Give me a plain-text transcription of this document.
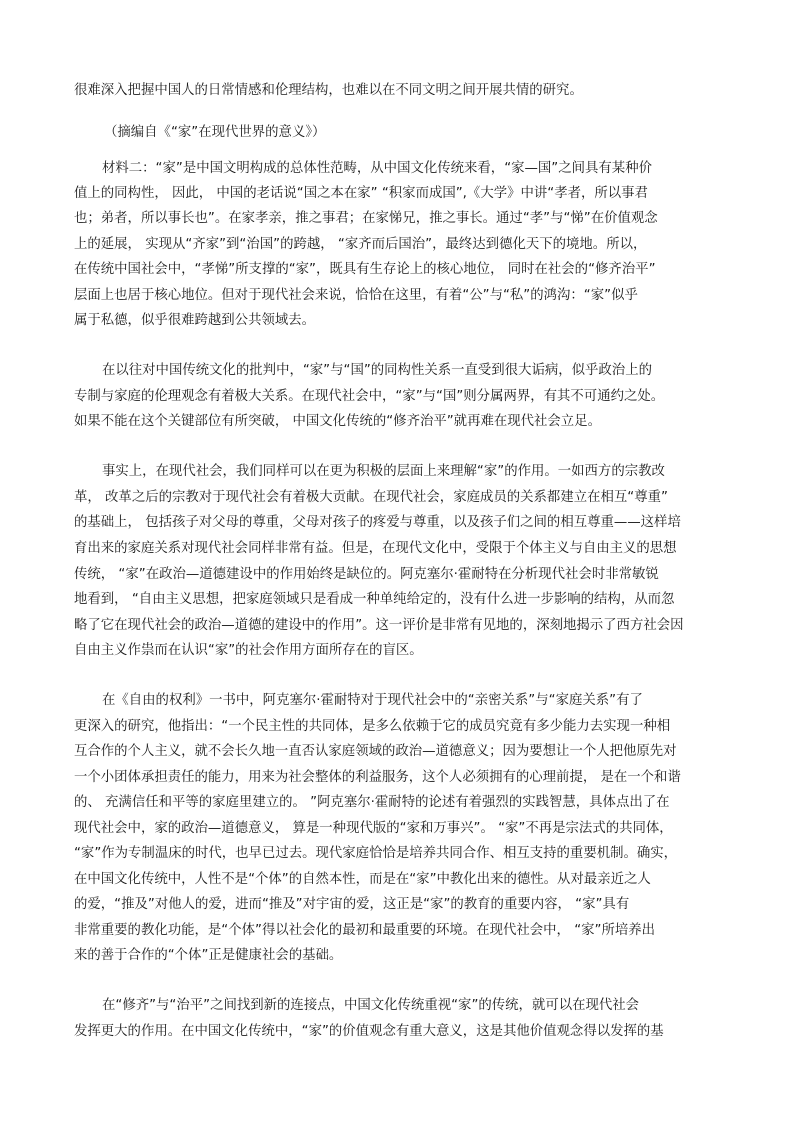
很难深入把握中国人的日常情感和伦理结构，也难以在不同文明之间开展共情的研究。
（摘编自《“家”在现代世界的意义》）
材料二：“家”是中国文明构成的总体性范畴，从中国文化传统来看，“家—国”之间具有某种价
值上的同构性， 因此， 中国的老话说“国之本在家” “积家而成国”,《大学》中讲“孝者，所以事君
也；弟者，所以事长也”。在家孝亲，推之事君；在家悌兄，推之事长。通过“孝”与“悌”在价值观念
上的延展， 实现从“齐家”到“治国”的跨越， “家齐而后国治”，最终达到德化天下的境地。所以，
在传统中国社会中，“孝悌”所支撑的“家”，既具有生存论上的核心地位， 同时在社会的“修齐治平”
层面上也居于核心地位。但对于现代社会来说，恰恰在这里，有着“公”与“私”的鸿沟：“家”似乎
属于私德，似乎很难跨越到公共领域去。
在以往对中国传统文化的批判中，“家”与“国”的同构性关系一直受到很大诟病，似乎政治上的
专制与家庭的伦理观念有着极大关系。在现代社会中，“家”与“国”则分属两界，有其不可通约之处。
如果不能在这个关键部位有所突破， 中国文化传统的“修齐治平”就再难在现代社会立足。
事实上，在现代社会，我们同样可以在更为积极的层面上来理解“家”的作用。一如西方的宗教改
革， 改革之后的宗教对于现代社会有着极大贡献。在现代社会，家庭成员的关系都建立在相互“尊重”
的基础上， 包括孩子对父母的尊重，父母对孩子的疼爱与尊重，以及孩子们之间的相互尊重——这样培
育出来的家庭关系对现代社会同样非常有益。但是，在现代文化中，受限于个体主义与自由主义的思想
传统， “家”在政治—道德建设中的作用始终是缺位的。阿克塞尔·霍耐特在分析现代社会时非常敏锐
地看到， “自由主义思想，把家庭领域只是看成一种单纯给定的，没有什么进一步影响的结构，从而忽
略了它在现代社会的政治—道德的建设中的作用”。这一评价是非常有见地的，深刻地揭示了西方社会因
自由主义作祟而在认识“家”的社会作用方面所存在的盲区。
在《自由的权利》一书中，阿克塞尔·霍耐特对于现代社会中的“亲密关系”与“家庭关系”有了
更深入的研究，他指出：“一个民主性的共同体，是多么依赖于它的成员究竟有多少能力去实现一种相
互合作的个人主义，就不会长久地一直否认家庭领域的政治—道德意义；因为要想让一个人把他原先对
一个小团体承担责任的能力，用来为社会整体的利益服务，这个人必须拥有的心理前提， 是在一个和谐
的、 充满信任和平等的家庭里建立的。 ”阿克塞尔·霍耐特的论述有着强烈的实践智慧，具体点出了在
现代社会中，家的政治—道德意义， 算是一种现代版的“家和万事兴”。 “家”不再是宗法式的共同体，
“家”作为专制温床的时代，也早已过去。现代家庭恰恰是培养共同合作、相互支持的重要机制。确实，
在中国文化传统中，人性不是“个体”的自然本性，而是在“家”中教化出来的德性。从对最亲近之人
的爱，“推及”对他人的爱，进而“推及”对宇宙的爱，这正是“家”的教育的重要内容， “家”具有
非常重要的教化功能，是“个体”得以社会化的最初和最重要的环境。在现代社会中， “家”所培养出
来的善于合作的“个体”正是健康社会的基础。
在“修齐”与“治平”之间找到新的连接点，中国文化传统重视“家”的传统，就可以在现代社会
发挥更大的作用。在中国文化传统中，“家”的价值观念有重大意义，这是其他价值观念得以发挥的基
